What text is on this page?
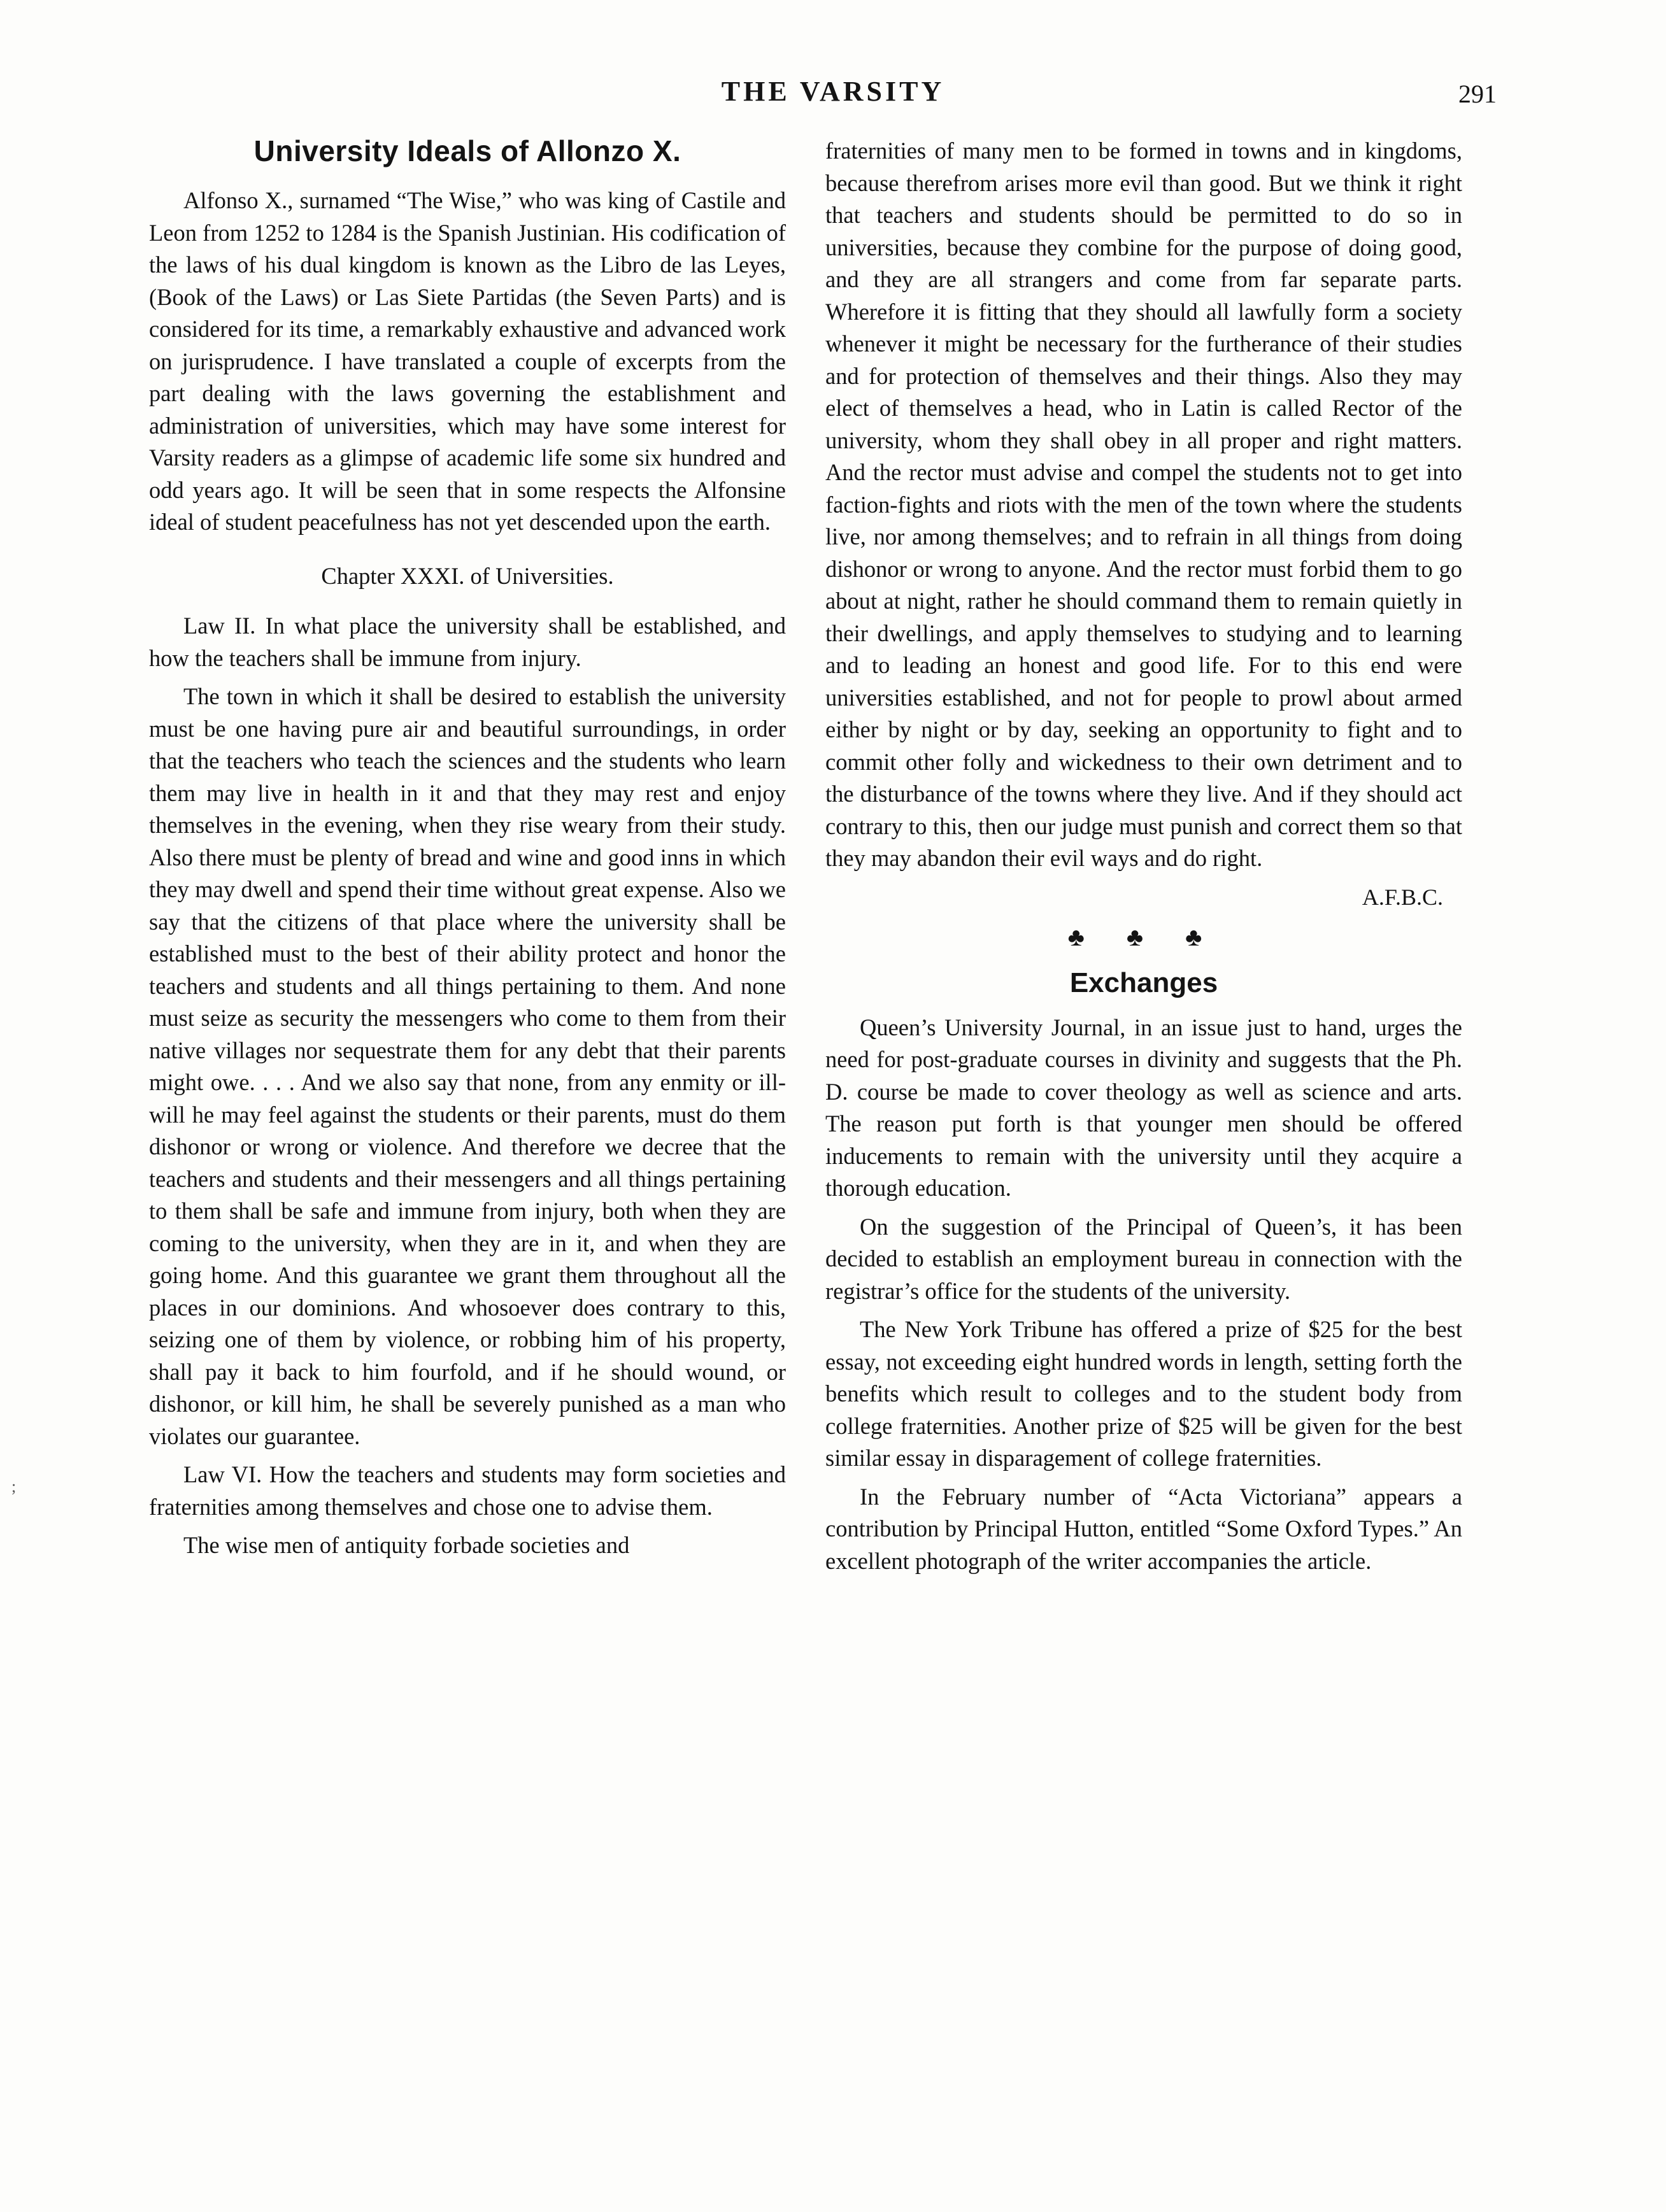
THE VARSITY	291
;
University Ideals of Allonzo X.

Alfonso X., surnamed “The Wise,” who was king of Castile and Leon from 1252 to 1284 is the Spanish Justinian. His codification of the laws of his dual kingdom is known as the Libro de las Leyes, (Book of the Laws) or Las Siete Partidas (the Seven Parts) and is considered for its time, a remarkably exhaustive and advanced work on jurisprudence. I have translated a couple of excerpts from the part dealing with the laws governing the establishment and administration of universities, which may have some interest for Varsity readers as a glimpse of academic life some six hundred and odd years ago. It will be seen that in some respects the Alfonsine ideal of student peacefulness has not yet descended upon the earth.

Chapter XXXI. of Universities.

Law II. In what place the university shall be established, and how the teachers shall be immune from injury.

The town in which it shall be desired to establish the university must be one having pure air and beautiful surroundings, in order that the teachers who teach the sciences and the students who learn them may live in health in it and that they may rest and enjoy themselves in the evening, when they rise weary from their study. Also there must be plenty of bread and wine and good inns in which they may dwell and spend their time without great expense. Also we say that the citizens of that place where the university shall be established must to the best of their ability protect and honor the teachers and students and all things pertaining to them. And none must seize as security the messengers who come to them from their native villages nor sequestrate them for any debt that their parents might owe. . . . And we also say that none, from any enmity or ill-will he may feel against the students or their parents, must do them dishonor or wrong or violence. And therefore we decree that the teachers and students and their messengers and all things pertaining to them shall be safe and immune from injury, both when they are coming to the university, when they are in it, and when they are going home. And this guarantee we grant them throughout all the places in our dominions. And whosoever does contrary to this, seizing one of them by violence, or robbing him of his property, shall pay it back to him fourfold, and if he should wound, or dishonor, or kill him, he shall be severely punished as a man who violates our guarantee.

Law VI. How the teachers and students may form societies and fraternities among themselves and chose one to advise them.

The wise men of antiquity forbade societies and

fraternities of many men to be formed in towns and in kingdoms, because therefrom arises more evil than good. But we think it right that teachers and students should be permitted to do so in universities, because they combine for the purpose of doing good, and they are all strangers and come from far separate parts. Wherefore it is fitting that they should all lawfully form a society whenever it might be necessary for the furtherance of their studies and for protection of themselves and their things. Also they may elect of themselves a head, who in Latin is called Rector of the university, whom they shall obey in all proper and right matters. And the rector must advise and compel the students not to get into faction-fights and riots with the men of the town where the students live, nor among themselves; and to refrain in all things from doing dishonor or wrong to anyone. And the rector must forbid them to go about at night, rather he should command them to remain quietly in their dwellings, and apply themselves to studying and to learning and to leading an honest and good life. For to this end were universities established, and not for people to prowl about armed either by night or by day, seeking an opportunity to fight and to commit other folly and wickedness to their own detriment and to the disturbance of the towns where they live. And if they should act contrary to this, then our judge must punish and correct them so that they may abandon their evil ways and do right.

A.F.B.C.
♣ ♣ ♣
Exchanges

Queen’s University Journal, in an issue just to hand, urges the need for post-graduate courses in divinity and suggests that the Ph. D. course be made to cover theology as well as science and arts. The reason put forth is that younger men should be offered inducements to remain with the university until they acquire a thorough education.

On the suggestion of the Principal of Queen’s, it has been decided to establish an employment bureau in connection with the registrar’s office for the students of the university.

The New York Tribune has offered a prize of $25 for the best essay, not exceeding eight hundred words in length, setting forth the benefits which result to colleges and to the student body from college fraternities. Another prize of $25 will be given for the best similar essay in disparagement of college fraternities.

In the February number of “Acta Victoriana” appears a contribution by Principal Hutton, entitled “Some Oxford Types.” An excellent photograph of the writer accompanies the article.
